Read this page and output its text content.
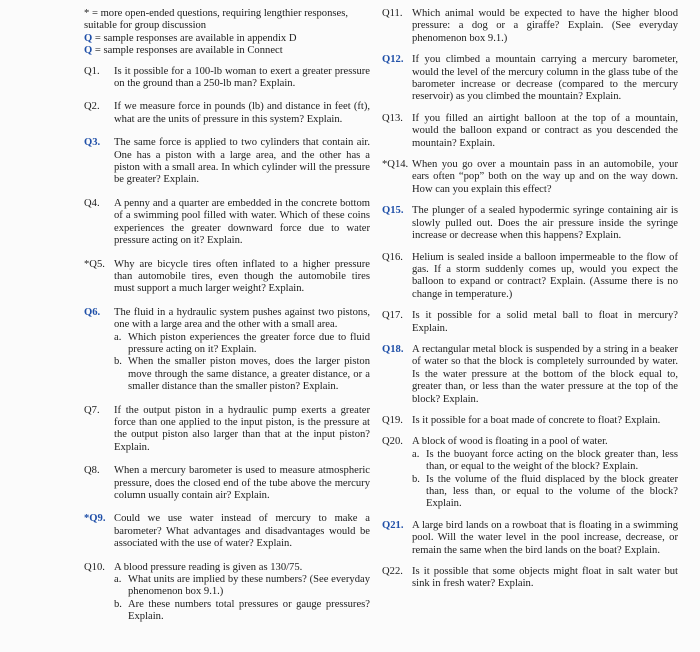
* = more open-ended questions, requiring lengthier responses, suitable for group discussion

Q = sample responses are available in appendix D

Q = sample responses are available in Connect

Q1.	Is it possible for a 100-lb woman to exert a greater pressure on the ground than a 250-lb man? Explain.
Q2.	If we measure force in pounds (lb) and distance in feet (ft), what are the units of pressure in this system? Explain.
Q3.	The same force is applied to two cylinders that contain air. One has a piston with a large area, and the other has a piston with a small area. In which cylinder will the pressure be greater? Explain.
Q4.	A penny and a quarter are embedded in the concrete bottom of a swimming pool filled with water. Which of these coins experiences the greater downward force due to water pressure acting on it? Explain.
*Q5. Why are bicycle tires often inflated to a higher pressure than automobile tires, even though the automobile tires must support a much larger weight? Explain.
Q6.	The fluid in a hydraulic system pushes against two pistons, one with a large area and the other with a small area.
a. Which piston experiences the greater force due to fluid pressure acting on it? Explain.
b. When the smaller piston moves, does the larger piston move through the same distance, a greater distance, or a smaller distance than the smaller piston? Explain.
Q7.	If the output piston in a hydraulic pump exerts a greater force than one applied to the input piston, is the pressure at the output piston also larger than that at the input piston? Explain.
Q8.	When a mercury barometer is used to measure atmospheric pressure, does the closed end of the tube above the mercury column usually contain air? Explain.
*Q9. Could we use water instead of mercury to make a barometer? What advantages and disadvantages would be associated with the use of water? Explain.
Q10. A blood pressure reading is given as 130/75.
a. What units are implied by these numbers? (See everyday phenomenon box 9.1.)
b. Are these numbers total pressures or gauge pressures? Explain.
Q11. Which animal would be expected to have the higher blood pressure: a dog or a giraffe? Explain. (See everyday phenomenon box 9.1.)
Q12. If you climbed a mountain carrying a mercury barometer, would the level of the mercury column in the glass tube of the barometer increase or decrease (compared to the mercury reservoir) as you climbed the mountain? Explain.
Q13. If you filled an airtight balloon at the top of a mountain, would the balloon expand or contract as you descended the mountain? Explain.
*Q14. When you go over a mountain pass in an automobile, your ears often “pop” both on the way up and on the way down. How can you explain this effect?
Q15. The plunger of a sealed hypodermic syringe containing air is slowly pulled out. Does the air pressure inside the syringe increase or decrease when this happens? Explain.
Q16. Helium is sealed inside a balloon impermeable to the flow of gas. If a storm suddenly comes up, would you expect the balloon to expand or contract? Explain. (Assume there is no change in temperature.)
Q17. Is it possible for a solid metal ball to float in mercury? Explain.
Q18. A rectangular metal block is suspended by a string in a beaker of water so that the block is completely surrounded by water. Is the water pressure at the bottom of the block equal to, greater than, or less than the water pressure at the top of the block? Explain.
Q19. Is it possible for a boat made of concrete to float? Explain.
Q20. A block of wood is floating in a pool of water.
a. Is the buoyant force acting on the block greater than, less than, or equal to the weight of the block? Explain.
b. Is the volume of the fluid displaced by the block greater than, less than, or equal to the volume of the block? Explain.
Q21. A large bird lands on a rowboat that is floating in a swimming pool. Will the water level in the pool increase, decrease, or remain the same when the bird lands on the boat? Explain.
Q22. Is it possible that some objects might float in salt water but sink in fresh water? Explain.
